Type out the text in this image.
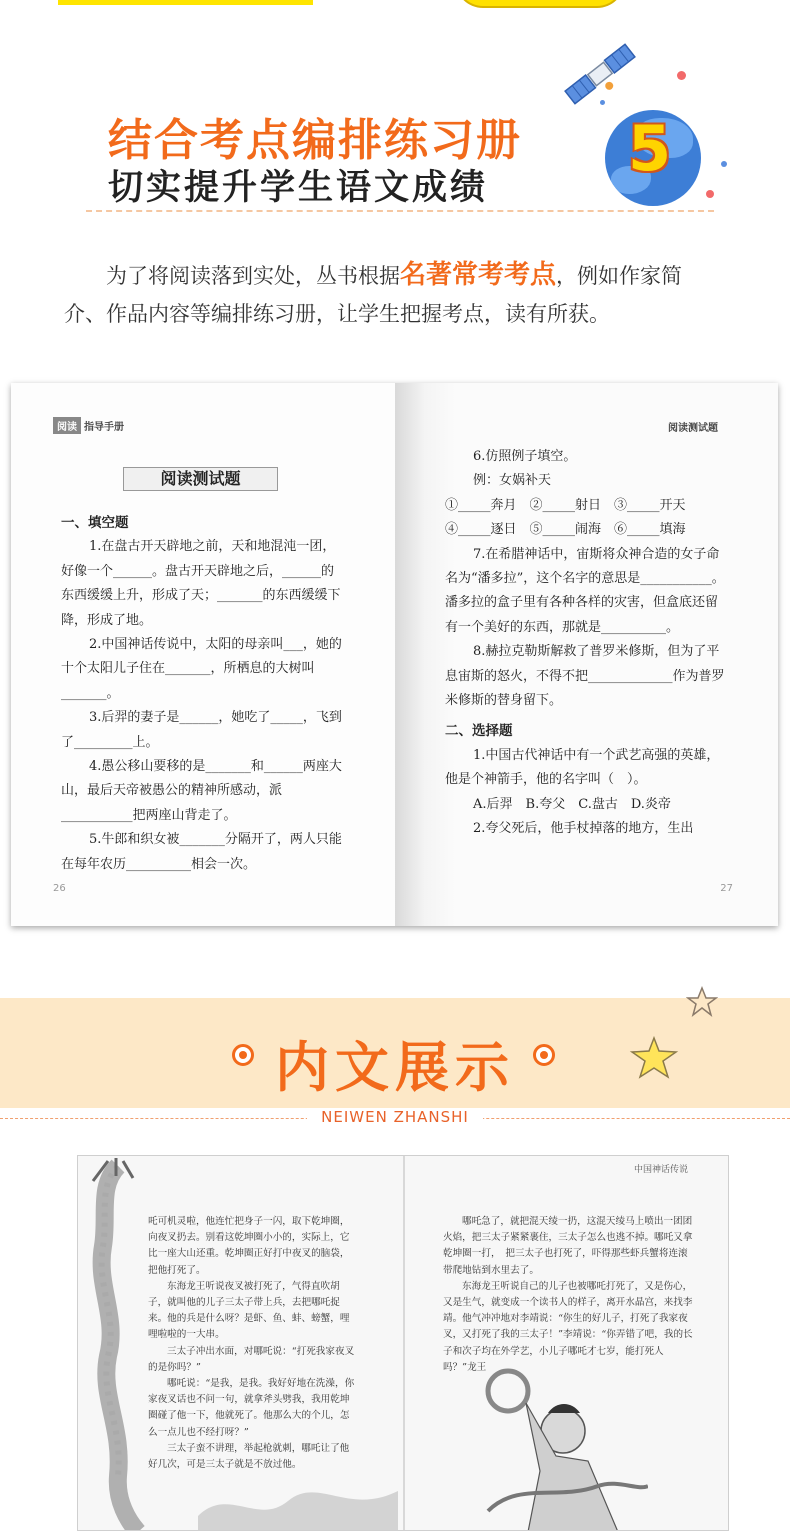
结合考点编排练习册
切实提升学生语文成绩
5
为了将阅读落到实处，丛书根据名著常考考点，例如作家简介、作品内容等编排练习册，让学生把握考点，读有所获。
阅读 指导手册
阅读测试题
一、填空题
1.在盘古开天辟地之前，天和地混沌一团，好像一个______。盘古开天辟地之后，______的东西缓缓上升，形成了天；_______的东西缓缓下降，形成了地。
2.中国神话传说中，太阳的母亲叫___，她的十个太阳儿子住在_______，所栖息的大树叫_______。
3.后羿的妻子是______，她吃了_____，飞到了_________上。
4.愚公移山要移的是_______和______两座大山，最后天帝被愚公的精神所感动，派___________把两座山背走了。
5.牛郎和织女被_______分隔开了，两人只能在每年农历__________相会一次。
26
阅读测试题
6.仿照例子填空。
例：女娲补天
①_____奔月　②_____射日　③_____开天
④_____逐日　⑤_____闹海　⑥_____填海
7.在希腊神话中，宙斯将众神合造的女子命名为“潘多拉”，这个名字的意思是___________。潘多拉的盒子里有各种各样的灾害，但盒底还留有一个美好的东西，那就是__________。
8.赫拉克勒斯解救了普罗米修斯，但为了平息宙斯的怒火，不得不把_____________作为普罗米修斯的替身留下。
二、选择题
1.中国古代神话中有一个武艺高强的英雄，他是个神箭手，他的名字叫（　）。
A.后羿　B.夸父　C.盘古　D.炎帝
2.夸父死后，他手杖掉落的地方，生出
27
内文展示
NEIWEN ZHANSHI
中国神话传说
吒可机灵啦，他连忙把身子一闪，取下乾坤圈，向夜叉扔去。别看这乾坤圈小小的，实际上，它比一座大山还重。乾坤圈正好打中夜叉的脑袋，把他打死了。
东海龙王听说夜叉被打死了，气得直吹胡子，就叫他的儿子三太子带上兵，去把哪吒捉来。他的兵是什么呀？是虾、鱼、蚌、螃蟹，哩哩啦啦的一大串。
三太子冲出水面，对哪吒说：“打死我家夜叉的是你吗？”
哪吒说：“是我，是我。我好好地在洗澡，你家夜叉话也不问一句，就拿斧头劈我，我用乾坤圈碰了他一下，他就死了。他那么大的个儿，怎么一点儿也不经打呀？”
三太子蛮不讲理，举起枪就刺，哪吒让了他好几次，可是三太子就是不放过他。
哪吒急了，就把混天绫一扔，这混天绫马上喷出一团团火焰，把三太子紧紧裹住，三太子怎么也逃不掉。哪吒又拿乾坤圈一打，　把三太子也打死了，吓得那些虾兵蟹将连滚带爬地钻到水里去了。
东海龙王听说自己的儿子也被哪吒打死了，又是伤心，又是生气，就变成一个读书人的样子，离开水晶宫，来找李靖。他气冲冲地对李靖说：“你生的好儿子，打死了我家夜叉，又打死了我的三太子！”李靖说：“你弄错了吧，我的长子和次子均在外学艺，小儿子哪吒才七岁，能打死人吗？”龙王
